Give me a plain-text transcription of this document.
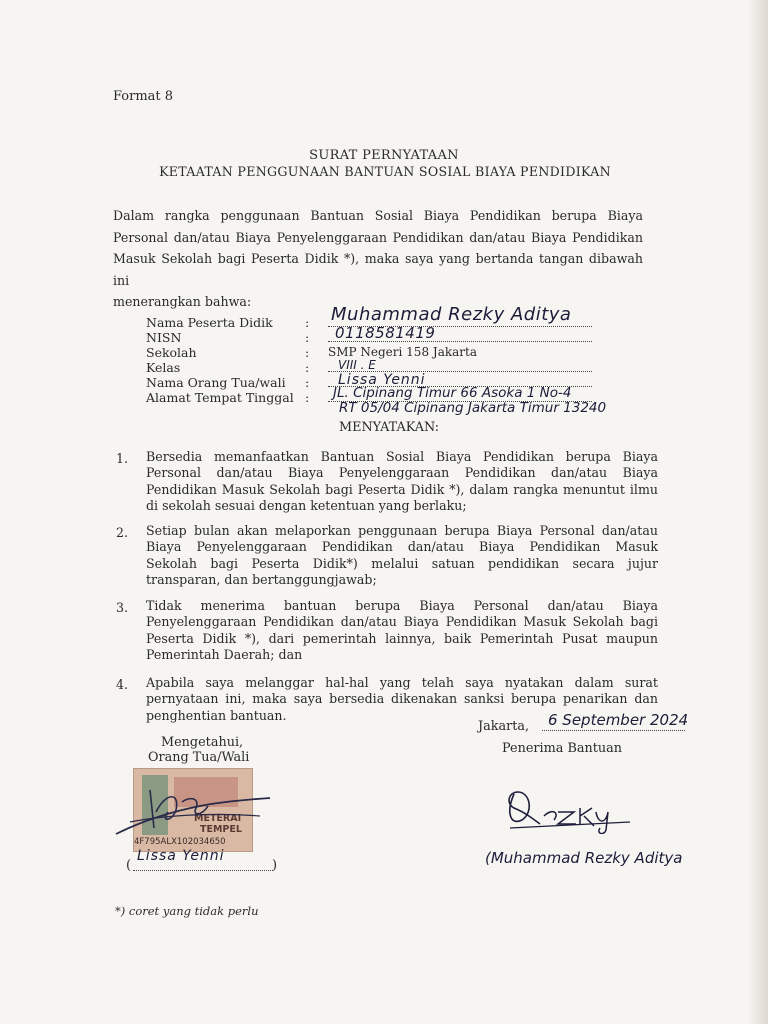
Format 8
SURAT PERNYATAAN
KETAATAN PENGGUNAAN BANTUAN SOSIAL BIAYA PENDIDIKAN
Dalam rangka penggunaan Bantuan Sosial Biaya Pendidikan berupa Biaya
Personal dan/atau Biaya Penyelenggaraan Pendidikan dan/atau Biaya Pendidikan
Masuk Sekolah bagi Peserta Didik *), maka saya yang bertanda tangan dibawah ini
menerangkan bahwa:
Nama Peserta Didik
NISN
Sekolah
Kelas
Nama Orang Tua/wali
Alamat Tempat Tinggal
:
:
:
:
:
:
Muhammad Rezky Aditya
0118581419
SMP Negeri 158 Jakarta
VIII . E
Lissa Yenni
JL. Cipinang Timur 66 Asoka 1 No-4
RT 05/04 Cipinang Jakarta Timur 13240
MENYATAKAN:
1. Bersedia memanfaatkan Bantuan Sosial Biaya Pendidikan berupa Biaya
Personal dan/atau Biaya Penyelenggaraan Pendidikan dan/atau Biaya
Pendidikan Masuk Sekolah bagi Peserta Didik *), dalam rangka menuntut ilmu
di sekolah sesuai dengan ketentuan yang berlaku;
2. Setiap bulan akan melaporkan penggunaan berupa Biaya Personal dan/atau
Biaya Penyelenggaraan Pendidikan dan/atau Biaya Pendidikan Masuk
Sekolah bagi Peserta Didik*) melalui satuan pendidikan secara jujur
transparan, dan bertanggungjawab;
3. Tidak menerima bantuan berupa Biaya Personal dan/atau Biaya
Penyelenggaraan Pendidikan dan/atau Biaya Pendidikan Masuk Sekolah bagi
Peserta Didik *), dari pemerintah lainnya, baik Pemerintah Pusat maupun
Pemerintah Daerah; dan
4. Apabila saya melanggar hal-hal yang telah saya nyatakan dalam surat
pernyataan ini, maka saya bersedia dikenakan sanksi berupa penarikan dan
penghentian bantuan.
Jakarta, 6 September 2024
Penerima Bantuan
(Muhammad Rezky Aditya
Mengetahui,
Orang Tua/Wali
METERAI
TEMPEL
4F795ALX102034650
(	)
Lissa Yenni
*) coret yang tidak perlu
